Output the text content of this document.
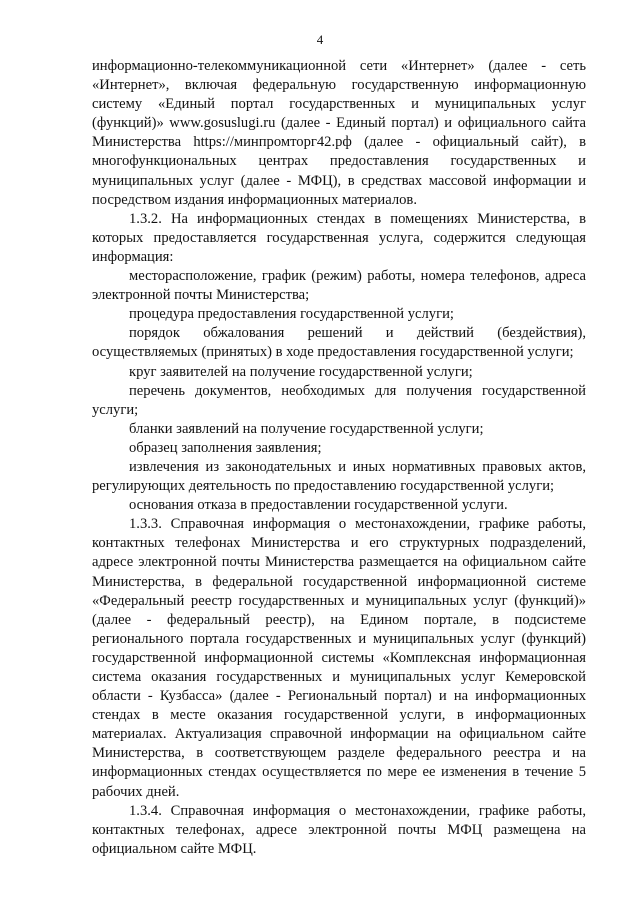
4

информационно-телекоммуникационной сети «Интернет» (далее - сеть «Интернет», включая федеральную государственную информационную систему «Единый портал государственных и муниципальных услуг (функций)» www.gosuslugi.ru (далее - Единый портал) и официального сайта Министерства https://минпромторг42.рф (далее - официальный сайт), в многофункциональных центрах предоставления государственных и муниципальных услуг (далее - МФЦ), в средствах массовой информации и посредством издания информационных материалов.

1.3.2. На информационных стендах в помещениях Министерства, в которых предоставляется государственная услуга, содержится следующая информация:

месторасположение, график (режим) работы, номера телефонов, адреса электронной почты Министерства;

процедура предоставления государственной услуги;

порядок обжалования решений и действий (бездействия), осуществляемых (принятых) в ходе предоставления государственной услуги;

круг заявителей на получение государственной услуги;

перечень документов, необходимых для получения государственной услуги;

бланки заявлений на получение государственной услуги;

образец заполнения заявления;

извлечения из законодательных и иных нормативных правовых актов, регулирующих деятельность по предоставлению государственной услуги;

основания отказа в предоставлении государственной услуги.

1.3.3. Справочная информация о местонахождении, графике работы, контактных телефонах Министерства и его структурных подразделений, адресе электронной почты Министерства размещается на официальном сайте Министерства, в федеральной государственной информационной системе «Федеральный реестр государственных и муниципальных услуг (функций)» (далее - федеральный реестр), на Едином портале, в подсистеме регионального портала государственных и муниципальных услуг (функций) государственной информационной системы «Комплексная информационная система оказания государственных и муниципальных услуг Кемеровской области - Кузбасса» (далее - Региональный портал) и на информационных стендах в месте оказания государственной услуги, в информационных материалах. Актуализация справочной информации на официальном сайте Министерства, в соответствующем разделе федерального реестра и на информационных стендах осуществляется по мере ее изменения в течение 5 рабочих дней.

1.3.4. Справочная информация о местонахождении, графике работы, контактных телефонах, адресе электронной почты МФЦ размещена на официальном сайте МФЦ.
